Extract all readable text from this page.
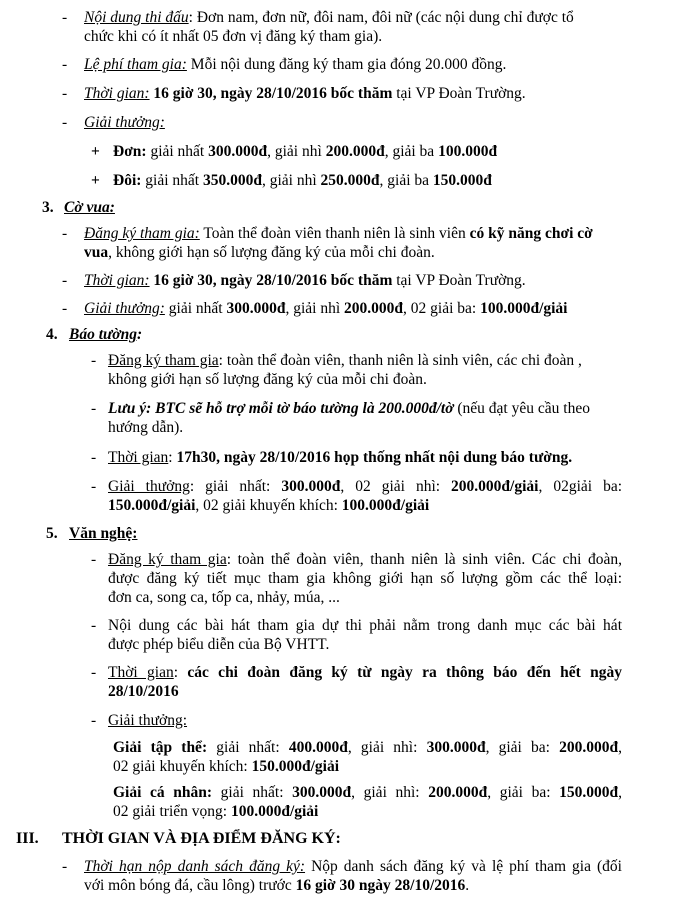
- Nội dung thi đấu: Đơn nam, đơn nữ, đôi nam, đôi nữ (các nội dung chỉ được tổ
chức khi có ít nhất 05 đơn vị đăng ký tham gia).
- Lệ phí tham gia: Mỗi nội dung đăng ký tham gia đóng 20.000 đồng.
- Thời gian: 16 giờ 30, ngày 28/10/2016 bốc thăm tại VP Đoàn Trường.
- Giải thưởng:
+ Đơn: giải nhất 300.000đ, giải nhì 200.000đ, giải ba 100.000đ
+ Đôi: giải nhất 350.000đ, giải nhì 250.000đ, giải ba 150.000đ
3. Cờ vua:
- Đăng ký tham gia: Toàn thể đoàn viên thanh niên là sinh viên có kỹ năng chơi cờ
vua, không giới hạn số lượng đăng ký của mỗi chi đoàn.
- Thời gian: 16 giờ 30, ngày 28/10/2016 bốc thăm tại VP Đoàn Trường.
- Giải thưởng: giải nhất 300.000đ, giải nhì 200.000đ, 02 giải ba: 100.000đ/giải
4. Báo tường:
- Đăng ký tham gia: toàn thể đoàn viên, thanh niên là sinh viên, các chi đoàn ,
không giới hạn số lượng đăng ký của mỗi chi đoàn.
- Lưu ý: BTC sẽ hỗ trợ mỗi tờ báo tường là 200.000đ/tờ (nếu đạt yêu cầu theo
hướng dẫn).
- Thời gian: 17h30, ngày 28/10/2016 họp thống nhất nội dung báo tường.
- Giải thưởng: giải nhất: 300.000đ, 02 giải nhì: 200.000đ/giải, 02giải ba:
150.000đ/giải, 02 giải khuyến khích: 100.000đ/giải
5. Văn nghệ:
- Đăng ký tham gia: toàn thể đoàn viên, thanh niên là sinh viên. Các chi đoàn,
được đăng ký tiết mục tham gia không giới hạn số lượng gồm các thể loại:
đơn ca, song ca, tốp ca, nhảy, múa, ...
- Nội dung các bài hát tham gia dự thi phải nằm trong danh mục các bài hát
được phép biểu diễn của Bộ VHTT.
- Thời gian: các chi đoàn đăng ký từ ngày ra thông báo đến hết ngày
28/10/2016
- Giải thưởng:
Giải tập thể: giải nhất: 400.000đ, giải nhì: 300.000đ, giải ba: 200.000đ,
02 giải khuyến khích: 150.000đ/giải
Giải cá nhân: giải nhất: 300.000đ, giải nhì: 200.000đ, giải ba: 150.000đ,
02 giải triển vọng: 100.000đ/giải
III. THỜI GIAN VÀ ĐỊA ĐIỂM ĐĂNG KÝ:
- Thời hạn nộp danh sách đăng ký: Nộp danh sách đăng ký và lệ phí tham gia (đối
với môn bóng đá, cầu lông) trước 16 giờ 30 ngày 28/10/2016.
